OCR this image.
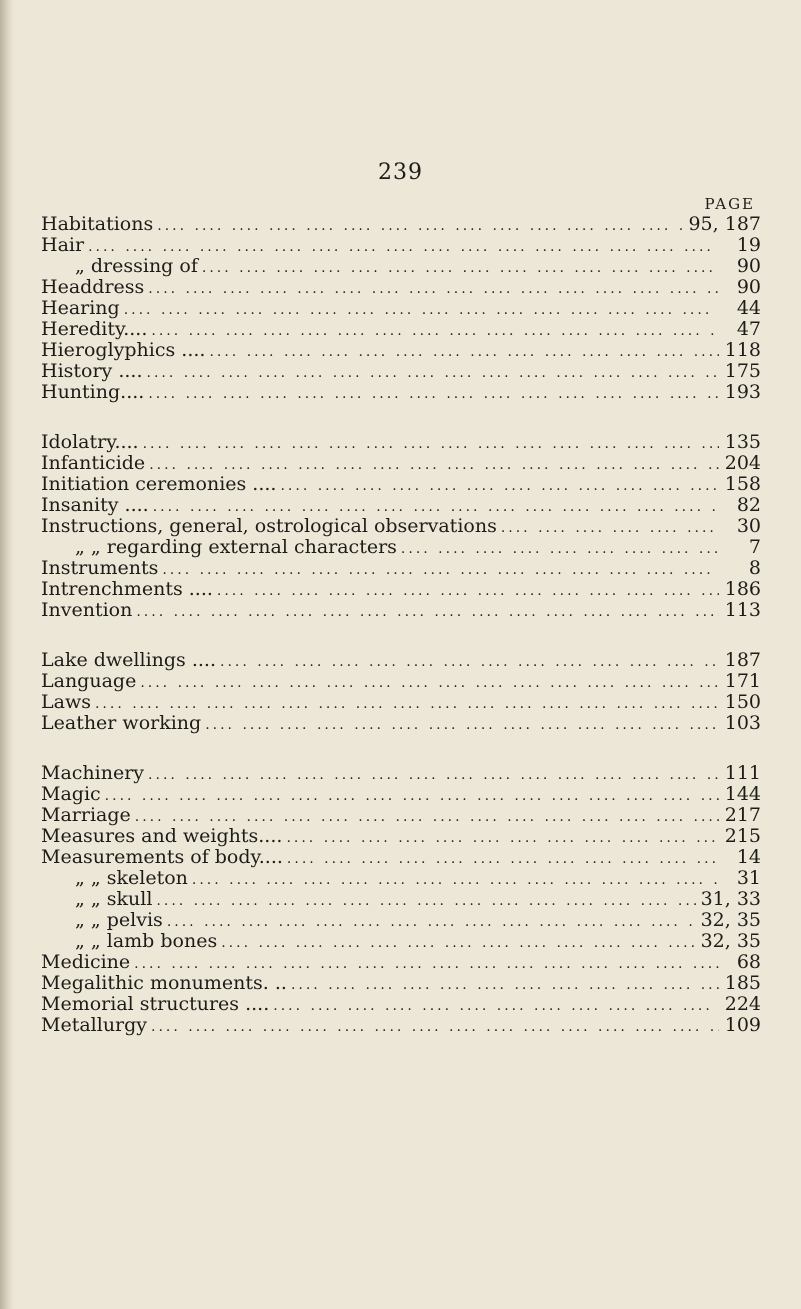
239
PAGE
Habitations ....	95, 187
Hair ....	19
„ dressing of ....	90
Headdress ....	90
Hearing ....	44
Heredity.... ....	47
Hieroglyphics .... ....	118
History .... ....	175
Hunting.... ....	193
Idolatry.... ....	135
Infanticide ....	204
Initiation ceremonies .... ....	158
Insanity .... ....	82
Instructions, general, ostrological observations ....	30
„ „ regarding external characters ....	7
Instruments ....	8
Intrenchments .... ....	186
Invention ....	113
Lake dwellings .... ....	187
Language ....	171
Laws ....	150
Leather working ....	103
Machinery ....	111
Magic ....	144
Marriage ....	217
Measures and weights.... ....	215
Measurements of body.... ....	14
„ „ skeleton ....	31
„ „ skull ....	31, 33
„ „ pelvis ....	32, 35
„ „ lamb bones ....	32, 35
Medicine ....	68
Megalithic monuments. .. ....	185
Memorial structures .... ....	224
Metallurgy ....	109
